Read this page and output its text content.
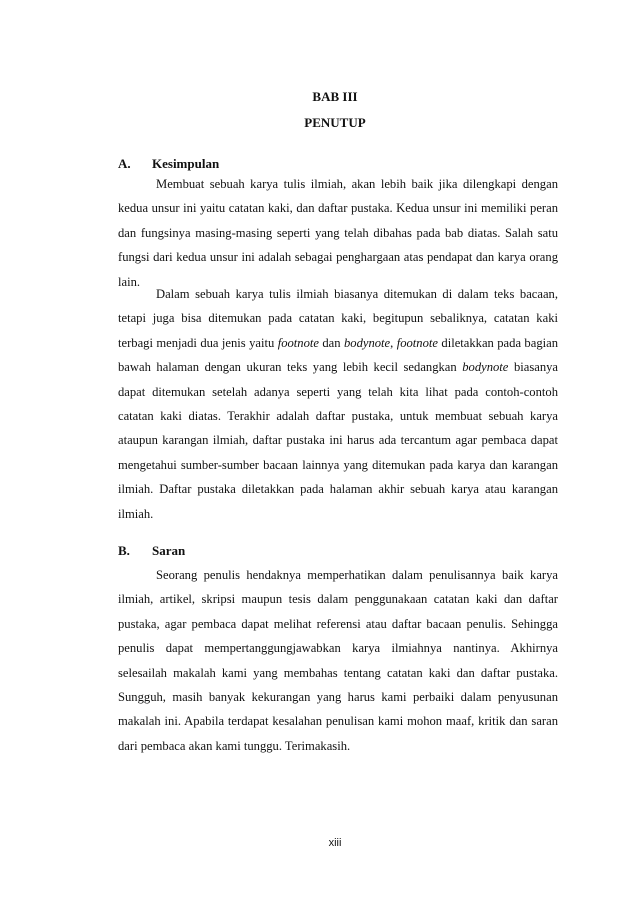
BAB III
PENUTUP
A. Kesimpulan

Membuat sebuah karya tulis ilmiah, akan lebih baik jika dilengkapi dengan kedua unsur ini yaitu catatan kaki, dan daftar pustaka. Kedua unsur ini memiliki peran dan fungsinya masing-masing seperti yang telah dibahas pada bab diatas. Salah satu fungsi dari kedua unsur ini adalah sebagai penghargaan atas pendapat dan karya orang lain.

Dalam sebuah karya tulis ilmiah biasanya ditemukan di dalam teks bacaan, tetapi juga bisa ditemukan pada catatan kaki, begitupun sebaliknya, catatan kaki terbagi menjadi dua jenis yaitu footnote dan bodynote, footnote diletakkan pada bagian bawah halaman dengan ukuran teks yang lebih kecil sedangkan bodynote biasanya dapat ditemukan setelah adanya seperti yang telah kita lihat pada contoh-contoh catatan kaki diatas. Terakhir adalah daftar pustaka, untuk membuat sebuah karya ataupun karangan ilmiah, daftar pustaka ini harus ada tercantum agar pembaca dapat mengetahui sumber-sumber bacaan lainnya yang ditemukan pada karya dan karangan ilmiah. Daftar pustaka diletakkan pada halaman akhir sebuah karya atau karangan ilmiah.

B. Saran

Seorang penulis hendaknya memperhatikan dalam penulisannya baik karya ilmiah, artikel, skripsi maupun tesis dalam penggunakaan catatan kaki dan daftar pustaka, agar pembaca dapat melihat referensi atau daftar bacaan penulis. Sehingga penulis dapat mempertanggungjawabkan karya ilmiahnya nantinya. Akhirnya selesailah makalah kami yang membahas tentang catatan kaki dan daftar pustaka. Sungguh, masih banyak kekurangan yang harus kami perbaiki dalam penyusunan makalah ini. Apabila terdapat kesalahan penulisan kami mohon maaf, kritik dan saran dari pembaca akan kami tunggu. Terimakasih.

xiii
